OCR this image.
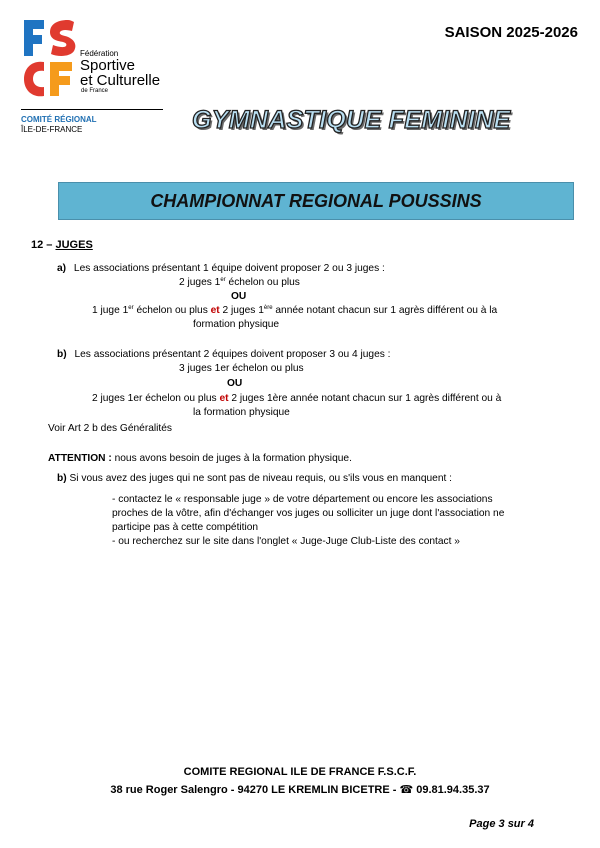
Fédération
Sportive
et Culturelle
de France
COMITÉ RÉGIONAL
ÎLE-DE-FRANCE
SAISON 2025-2026
GYMNASTIQUE FEMININE
CHAMPIONNAT REGIONAL POUSSINS
12 – JUGES
a) Les associations présentant 1 équipe doivent proposer 2 ou 3 juges :
2 juges 1er échelon ou plus
OU
1 juge 1er échelon ou plus et 2 juges 1ère année notant chacun sur 1 agrès différent ou à la
formation physique
b) Les associations présentant 2 équipes doivent proposer 3 ou 4 juges :
3 juges 1er échelon ou plus
OU
2 juges 1er échelon ou plus et 2 juges 1ère année notant chacun sur 1 agrès différent ou à
la formation physique
Voir Art 2 b des Généralités
ATTENTION : nous avons besoin de juges à la formation physique.
b) Si vous avez des juges qui ne sont pas de niveau requis, ou s'ils vous en manquent :
- contactez le « responsable juge » de votre département ou encore les associations
proches de la vôtre, afin d'échanger vos juges ou solliciter un juge dont l'association ne
participe pas à cette compétition
- ou recherchez sur le site dans l'onglet « Juge-Juge Club-Liste des contact »
COMITE REGIONAL ILE DE FRANCE F.S.C.F.
38 rue Roger Salengro - 94270 LE KREMLIN BICETRE - ☎ 09.81.94.35.37
Page 3 sur 4
